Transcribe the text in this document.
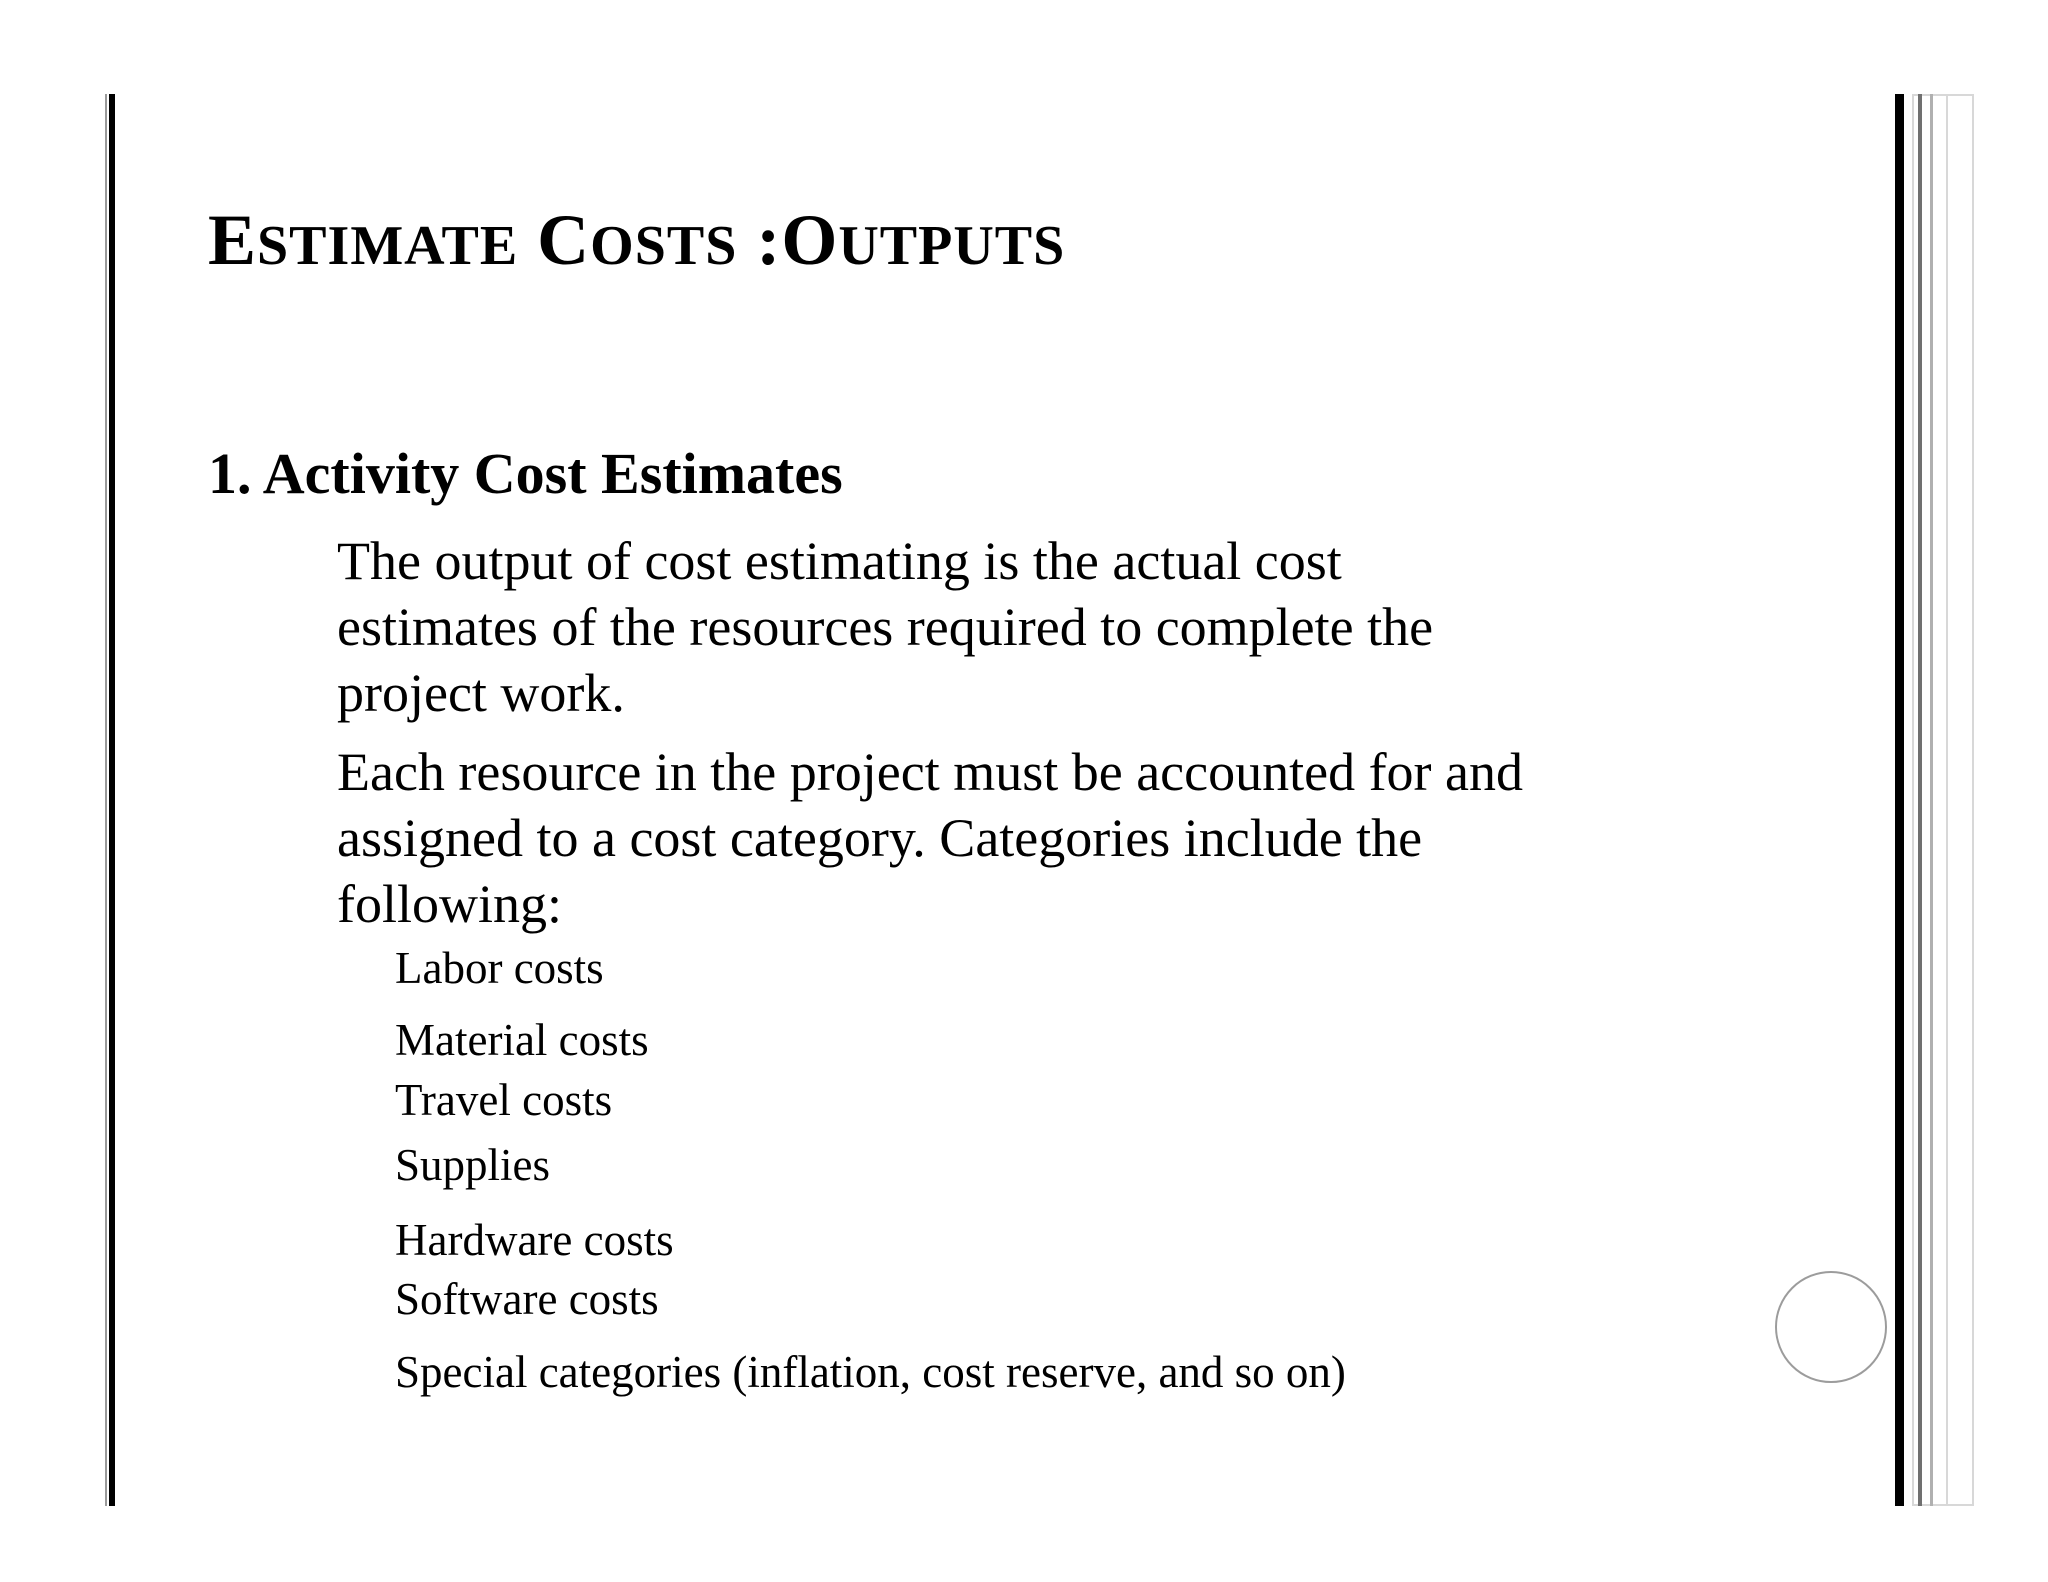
ESTIMATE COSTS :OUTPUTS
1. Activity Cost Estimates
The output of cost estimating is the actual cost estimates of the resources required to complete the project work.
Each resource in the project must be accounted for and assigned to a cost category. Categories include the following:
Labor costs
Material costs
Travel costs
Supplies
Hardware costs
Software costs
Special categories (inflation, cost reserve, and so on)
